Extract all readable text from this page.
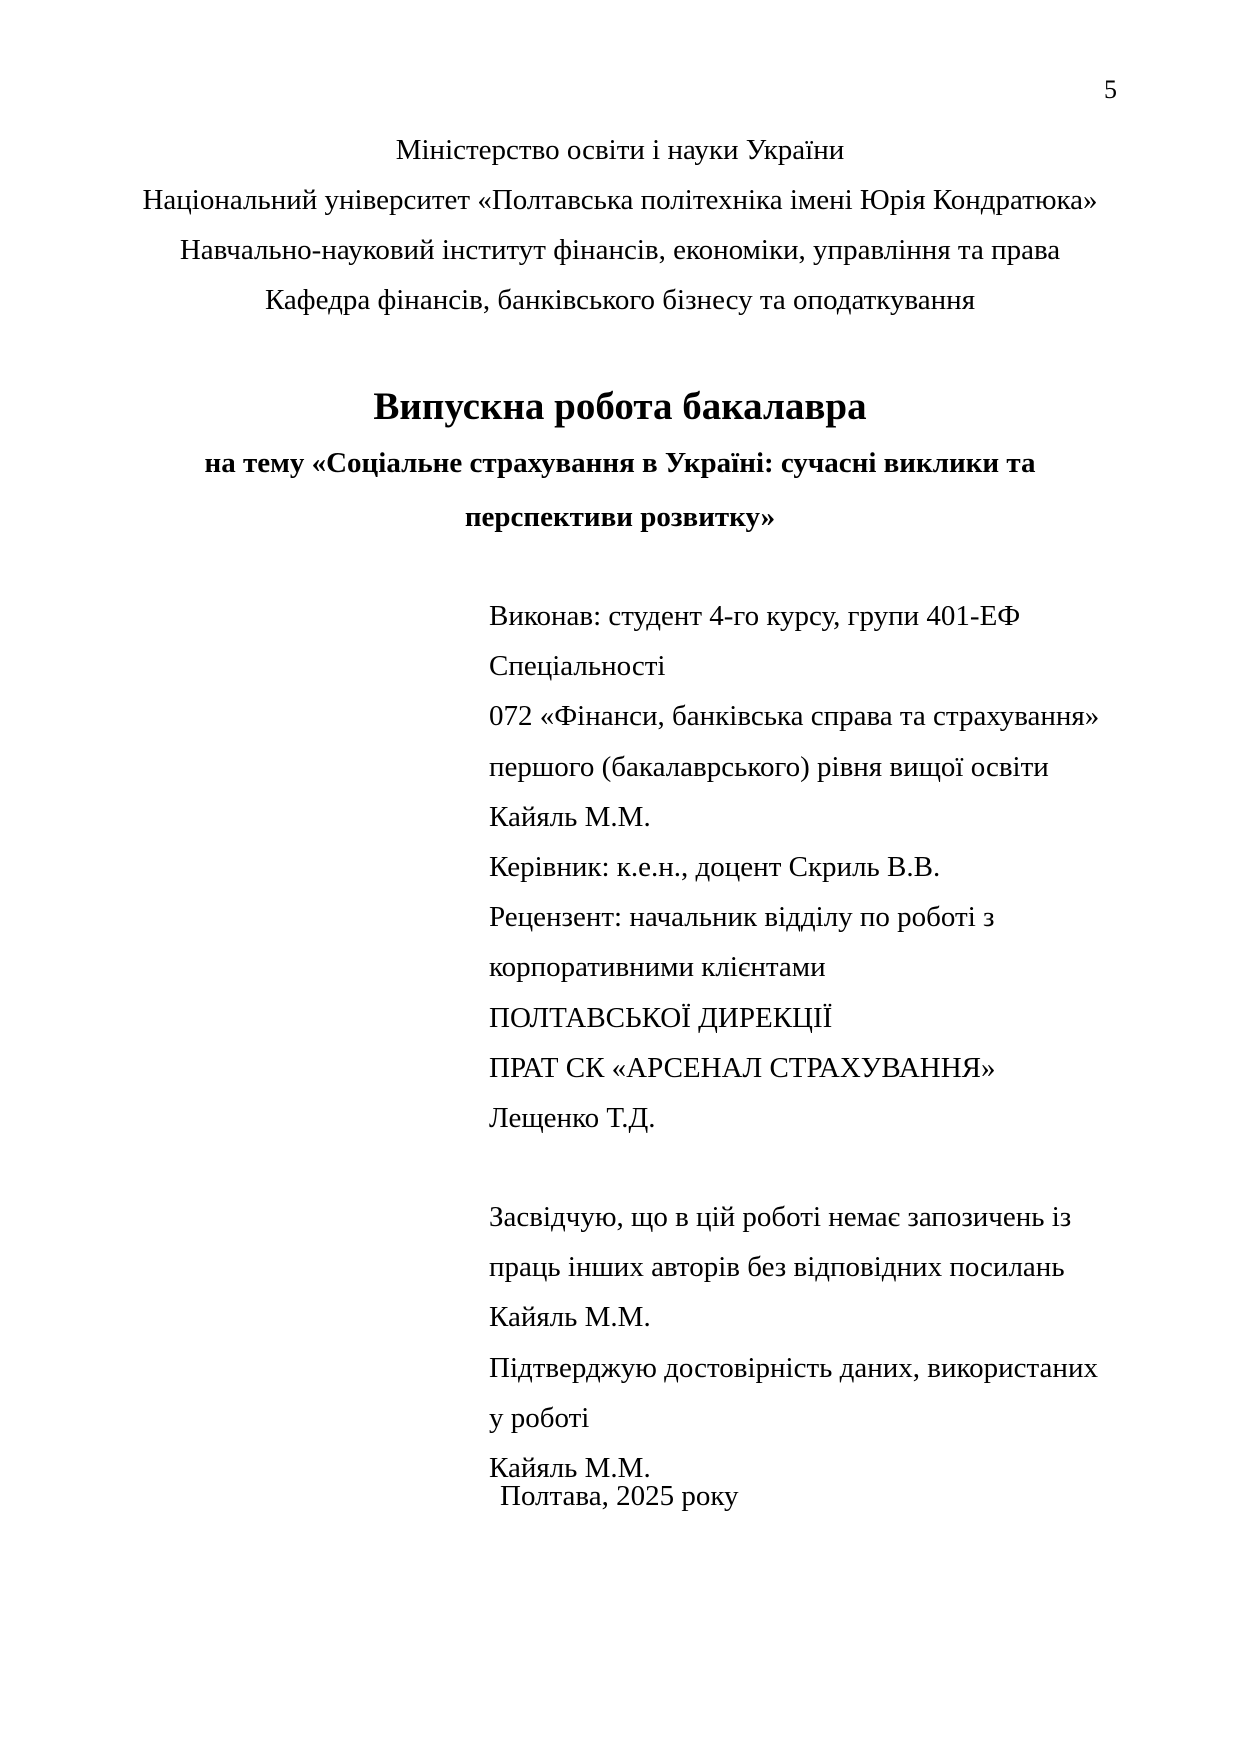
5
Міністерство освіти і науки України
Національний університет «Полтавська політехніка імені Юрія Кондратюка»
Навчально-науковий інститут фінансів, економіки, управління та права
Кафедра фінансів, банківського бізнесу та оподаткування
Випускна робота бакалавра
на тему «Соціальне страхування в Україні: сучасні виклики та
перспективи розвитку»
Виконав: студент 4-го курсу, групи 401-ЕФ
Спеціальності
072 «Фінанси, банківська справа та страхування»
першого (бакалаврського) рівня вищої освіти
Кайяль М.М.
Керівник: к.е.н., доцент Скриль В.В.
Рецензент: начальник відділу по роботі з
корпоративними клієнтами
ПОЛТАВСЬКОЇ ДИРЕКЦІЇ
ПРАТ СК «АРСЕНАЛ СТРАХУВАННЯ»
Лещенко Т.Д.
Засвідчую, що в цій роботі немає запозичень із
праць інших авторів без відповідних посилань
Кайяль М.М.
Підтверджую достовірність даних, використаних
у роботі
Кайяль М.М.
Полтава, 2025 року
